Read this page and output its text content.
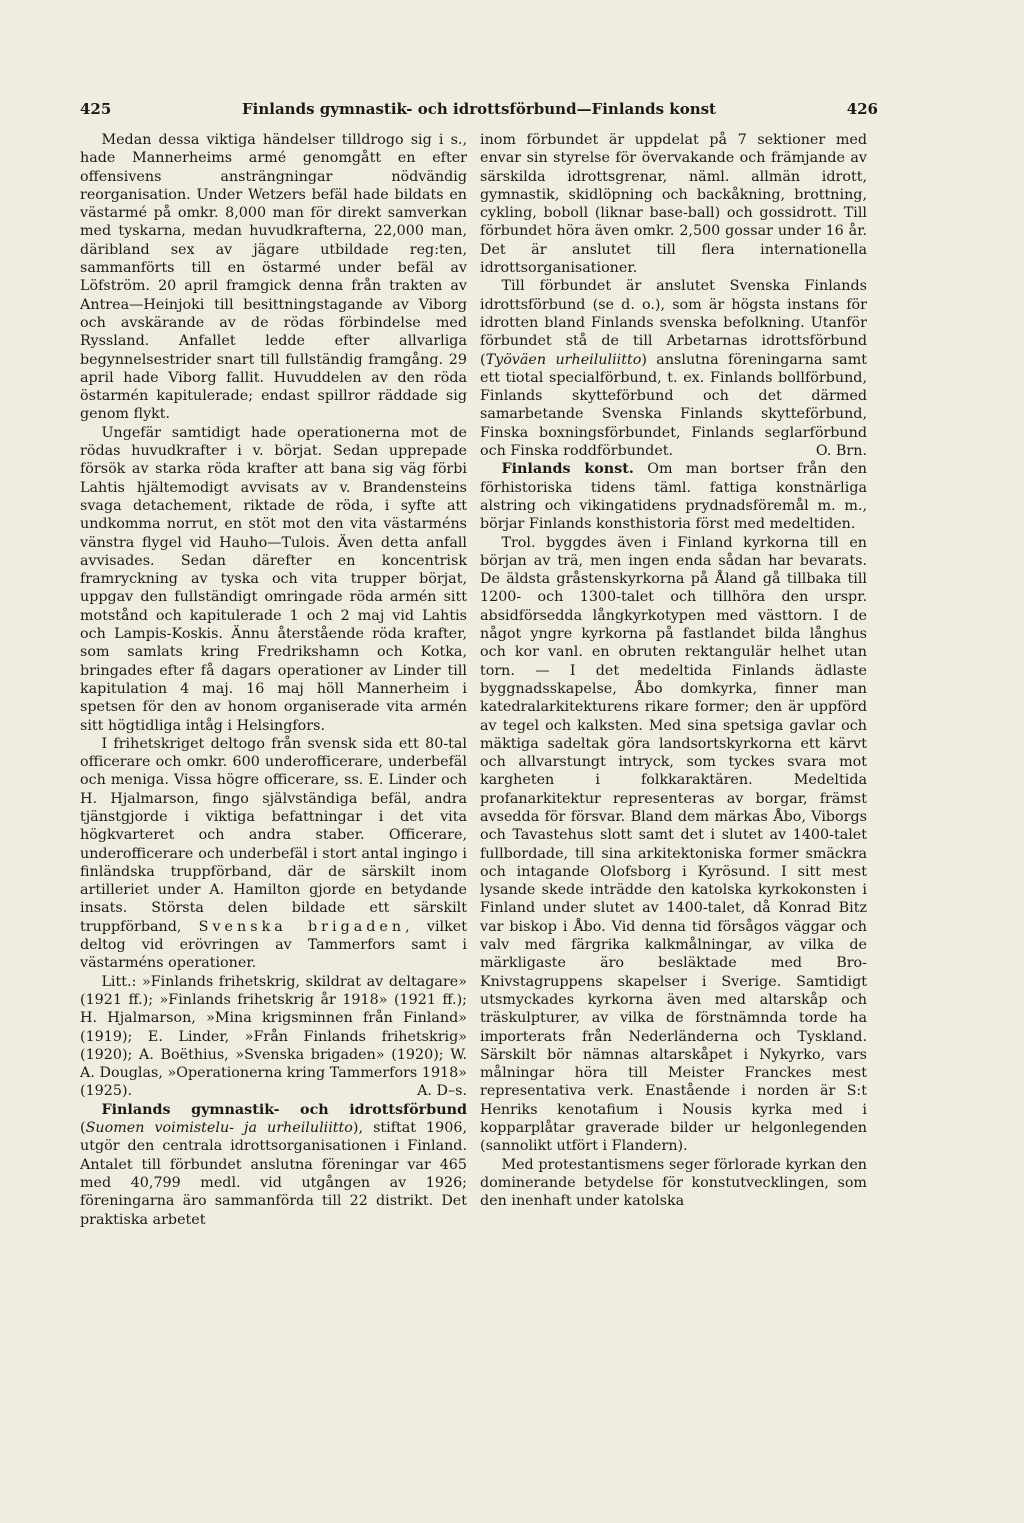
425	Finlands gymnastik- och idrottsförbund—Finlands konst	426

Medan dessa viktiga händelser tilldrogo sig i s., hade Mannerheims armé genomgått en efter offensivens ansträngningar nödvändig reorganisation. Under Wetzers befäl hade bildats en västarmé på omkr. 8,000 man för direkt samverkan med tyskarna, medan huvudkrafterna, 22,000 man, däribland sex av jägare utbildade reg:ten, sammanförts till en östarmé under befäl av Löfström. 20 april framgick denna från trakten av Antrea—Heinjoki till besittningstagande av Viborg och avskärande av de rödas förbindelse med Ryssland. Anfallet ledde efter allvarliga begynnelsestrider snart till fullständig framgång. 29 april hade Viborg fallit. Huvuddelen av den röda östarmén kapitulerade; endast spillror räddade sig genom flykt.

Ungefär samtidigt hade operationerna mot de rödas huvudkrafter i v. börjat. Sedan upprepade försök av starka röda krafter att bana sig väg förbi Lahtis hjältemodigt avvisats av v. Brandensteins svaga detachement, riktade de röda, i syfte att undkomma norrut, en stöt mot den vita västarméns vänstra flygel vid Hauho—Tulois. Även detta anfall avvisades. Sedan därefter en koncentrisk framryckning av tyska och vita trupper börjat, uppgav den fullständigt omringade röda armén sitt motstånd och kapitulerade 1 och 2 maj vid Lahtis och Lampis-Koskis. Ännu återstående röda krafter, som samlats kring Fredrikshamn och Kotka, bringades efter få dagars operationer av Linder till kapitulation 4 maj. 16 maj höll Mannerheim i spetsen för den av honom organiserade vita armén sitt högtidliga intåg i Helsingfors.

I frihetskriget deltogo från svensk sida ett 80-tal officerare och omkr. 600 underofficerare, underbefäl och meniga. Vissa högre officerare, ss. E. Linder och H. Hjalmarson, fingo självständiga befäl, andra tjänstgjorde i viktiga befattningar i det vita högkvarteret och andra staber. Officerare, underofficerare och underbefäl i stort antal ingingo i finländska truppförband, där de särskilt inom artilleriet under A. Hamilton gjorde en betydande insats. Största delen bildade ett särskilt truppförband, Svenska brigaden, vilket deltog vid erövringen av Tammerfors samt i västarméns operationer.

Litt.: »Finlands frihetskrig, skildrat av deltagare» (1921 ff.); »Finlands frihetskrig år 1918» (1921 ff.); H. Hjalmarson, »Mina krigsminnen från Finland» (1919); E. Linder, »Från Finlands frihetskrig» (1920); A. Boëthius, »Svenska brigaden» (1920); W. A. Douglas, »Operationerna kring Tammerfors 1918» (1925).	A. D–s.

Finlands gymnastik- och idrottsförbund (Suomen voimistelu- ja urheiluliitto), stiftat 1906, utgör den centrala idrottsorganisationen i Finland. Antalet till förbundet anslutna föreningar var 465 med 40,799 medl. vid utgången av 1926; föreningarna äro sammanförda till 22 distrikt. Det praktiska arbetet

inom förbundet är uppdelat på 7 sektioner med envar sin styrelse för övervakande och främjande av särskilda idrottsgrenar, näml. allmän idrott, gymnastik, skidlöpning och backåkning, brottning, cykling, boboll (liknar base-ball) och gossidrott. Till förbundet höra även omkr. 2,500 gossar under 16 år. Det är anslutet till flera internationella idrottsorganisationer.

Till förbundet är anslutet Svenska Finlands idrottsförbund (se d. o.), som är högsta instans för idrotten bland Finlands svenska befolkning. Utanför förbundet stå de till Arbetarnas idrottsförbund (Työväen urheiluliitto) anslutna föreningarna samt ett tiotal specialförbund, t. ex. Finlands bollförbund, Finlands skytteförbund och det därmed samarbetande Svenska Finlands skytteförbund, Finska boxningsförbundet, Finlands seglarförbund och Finska roddförbundet.	O. Brn.

Finlands konst. Om man bortser från den förhistoriska tidens täml. fattiga konstnärliga alstring och vikingatidens prydnadsföremål m. m., börjar Finlands konsthistoria först med medeltiden.

Trol. byggdes även i Finland kyrkorna till en början av trä, men ingen enda sådan har bevarats. De äldsta gråstenskyrkorna på Åland gå tillbaka till 1200- och 1300-talet och tillhöra den urspr. absidförsedda långkyrkotypen med västtorn. I de något yngre kyrkorna på fastlandet bilda långhus och kor vanl. en obruten rektangulär helhet utan torn. — I det medeltida Finlands ädlaste byggnadsskapelse, Åbo domkyrka, finner man katedralarkitekturens rikare former; den är uppförd av tegel och kalksten. Med sina spetsiga gavlar och mäktiga sadeltak göra landsortskyrkorna ett kärvt och allvarstungt intryck, som tyckes svara mot kargheten i folkkaraktären. Medeltida profanarkitektur representeras av borgar, främst avsedda för försvar. Bland dem märkas Åbo, Viborgs och Tavastehus slott samt det i slutet av 1400-talet fullbordade, till sina arkitektoniska former smäckra och intagande Olofsborg i Kyrösund. I sitt mest lysande skede inträdde den katolska kyrkokonsten i Finland under slutet av 1400-talet, då Konrad Bitz var biskop i Åbo. Vid denna tid försågos väggar och valv med färgrika kalkmålningar, av vilka de märkligaste äro besläktade med Bro-Knivstagruppens skapelser i Sverige. Samtidigt utsmyckades kyrkorna även med altarskåp och träskulpturer, av vilka de förstnämnda torde ha importerats från Nederländerna och Tyskland. Särskilt bör nämnas altarskåpet i Nykyrko, vars målningar höra till Meister Franckes mest representativa verk. Enastående i norden är S:t Henriks kenotafium i Nousis kyrka med i kopparplåtar graverade bilder ur helgonlegenden (sannolikt utfört i Flandern).

Med protestantismens seger förlorade kyrkan den dominerande betydelse för konstutvecklingen, som den inenhaft under katolska
